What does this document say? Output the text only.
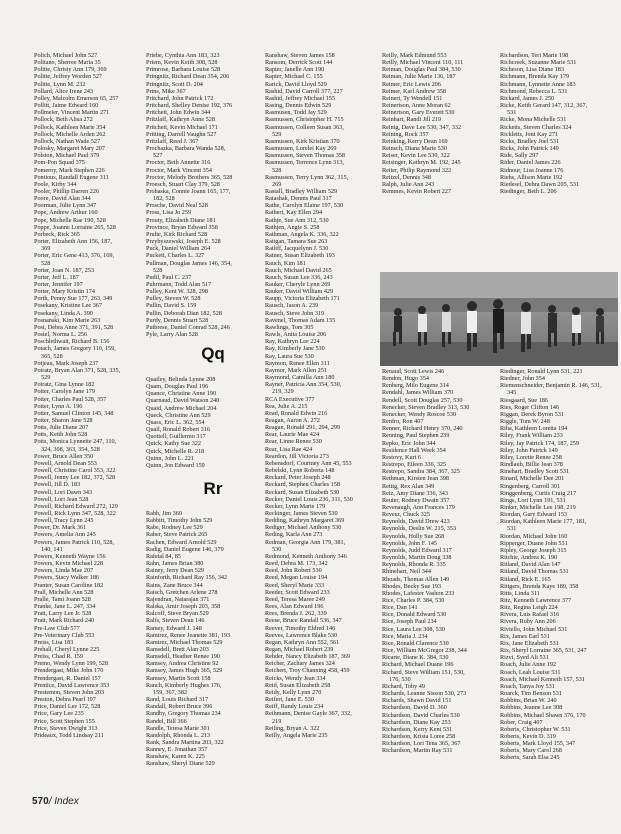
Polich, Michael John 527
Politano, Sherree Maria 35
Politte, Christy Ann 179, 369
Politte, Jeffrey Worden 527
Politte, Lynn M. 232
Pollard, Alice Irene 243
Polley, Malcolm Emerson 65, 257
Pollitt, Jaime Edward 160
Pollmeier, Vincent Martin 271
Pollock, Beth Alisa 272
Pollock, Kathleen Marie 354
Pollock, Michelle Arden 262
Pollock, Nathan Wade 527
Polosky, Margaret Mary 207
Polston, Michael Paul 379
Pom-Pon Squad 375
Pomeroy, Mark Stephen 226
Pontious, Randall Eugene 311
Poole, Kirby 344
Pooler, Phillip Darren 226
Poore, David Alan 344
Poorman, Julie Lynn 347
Pope, Andrew Arthur 160
Pope, Michelle Rae 190, 528
Poppe, Joanne Lorraine 265, 528
Porbeck, Rick 365
Porter, Elizabeth Ann 156, 187,
369
Porter, Eric Gene 413, 376, 169,
528
Porter, Joan N. 187, 253
Porter, Jeff L. 187
Porter, Jennifer 197
Porter, Mary Kristin 174
Porth, Penny Sue 177, 263, 349
Posekany, Kristine Lee 367
Posekany, Linda A. 390
Posnanski, Kim Marie 263
Post, Debra Anne 371, 391, 528
Postel, Norma L. 256
Poschlethwait, Richard B. 156
Potach, James Gregory 110, 159,
365, 528
Potjeau, Mark Joseph 237
Potratz, Bryan Alan 371, 528, 335,
529
Potratz, Gina Lynne 182
Potter, Carolyn Jane 179
Potter, Charles Paul 528, 357
Potter, Lynn A. 196
Potter, Samuel Clinton 145, 348
Potter, Sharon Jane 528
Potts, Julie Diane 207
Potts, Keith John 528
Potts, Monica Lynnette 247, 110,
324, 308, 363, 354, 528
Power, Bruce Allen 350
Powell, Arnold Dean 553
Powell, Christine Carol 353, 322
Powell, Jenny Lee 182, 372, 528
Powell, Jill D. 183
Powell, Lori Dawn 343
Powell, Lori Jean 528
Powell, Richard Edward 272, 129
Powell, Rick Lynn 347, 528, 322
Powell, Tracy Lynn 245
Power, Dr. Mark 361
Powers, Amelia Ann 245
Powers, James Patrick 110, 528,
140, 141
Powers, Kenneth Wayne 156
Powers, Kevin Michael 228
Powers, Linda Mae 207
Powers, Stacy Walker 186
Pranter, Susan Caroline 182
Prall, Michelle Ann 528
Pralle, Tami Joann 528
Pranke, Jane L. 247, 334
Pratt, Larry Lee Jr. 528
Pratt, Mark Richard 240
Pre-Law Club 577
Pre-Veterinary Club 553
Preiss, Lisa 183
Prehall, Cheryl Lynne 225
Preiss, Chad R. 159
Premo, Wendy Lynn 199, 528
Prendergast, Mike John 170
Prendergast, R. Daniel 157
Prentice, David Lawrence 353
Prestemon, Steven John 203
Preston, Debra Pearl 197
Price, Daniel Lee 172, 528
Price, Gary Lee 235
Price, Scott Stephen 155
Price, Steven Dwight 313
Prideaux, Todd Lindsay 211
Priebe, Cynthia Ann 183, 323
Priem, Kevin Keith 308, 528
Primrose, Barbara Louise 528
Pringnitz, Richard Dean 354, 206
Pringnitz, Scott D. 204
Prins, Mike 367
Pritchard, John Patrick 172
Pritchard, Shelley Denise 192, 376
Pritchett, John Edwin 344
Pritzlaff, Kathryn Anne 528
Pritchett, Kevin Michael 171
Pritting, Darrell Vaughn 527
Pritzlaff, Reed J. 367
Prochazka, Barbara Wanda 528,
527
Proctor, Beth Annette 316
Proctor, Mark Vincent 354
Proctor, Melody Brothers 365, 528
Proesch, Stuart Clay 379, 528
Prohaska, Connie Joann 165, 177,
182, 528
Prosche, David Neal 528
Pross, Lisa Jo 259
Prouty, Elizabeth Diane 181
Province, Bryan Edward 358
Prulte, Kirk Richard 528
Przybyszewski, Joseph E. 528
Puck, Daniel William 264
Puckett, Charles L. 327
Pullman, Douglas James 146, 354,
528
Pudil, Paul C. 237
Puhrmann, Todd Alan 517
Pulley, Kent W. 328, 298
Pulley, Steven W. 528
Pullin, David S. 159
Pullin, Deborah Dian 182, 528
Purdy, Dennis Stuart 528
Putbrese, Daniel Conrad 528, 246
Pyle, Larry Alan 528
Qq
Quailey, Belinda Lynne 208
Quam, Douglas Paul 196
Quance, Christine Anne 190
Quarnaud, David Watson 240
Quaid, Andrew Michael 204
Queck, Christine Ann 529
Quass, Eric L. 362, 554
Quail, Ronald Robert 316
Quottell, Guillermo 317
Quick, Kathy Sue 322
Quick, Michelle R. 218
Quinn, John L. 221
Quinn, Jon Edward 159
Rr
Rabb, Jim 360
Rabbitt, Timothy John 529
Rabe, Rodney Lee 529
Raber, Steve Patrick 265
Rachen, Edward Arnold 529
Radig, Daniel Eugene 146, 379
Rafetal 84, 85
Rahn, James Brian 380
Rainey, Jerry Dean 529
Rainforth, Richard Ray 156, 342
Rains, Zane Bruce 344
Raisch, Gretchen Arlene 278
Rajendran, Natarajan 371
Ralska, Amir Joseph 203, 358
Ralcoff, Steve Bryan 529
Ralfs, Steven Dean 146
Ramey, Edward J. 148
Ramirez, Renee Jeanette 381, 193
Ramirez, Michael Thomas 529
Ramsdell, Brett Alan 203
Ramsdell, Heather Renee 190
Ramsey, Andrea Christine 92
Ramsey, James Hugh 365, 529
Ramsey, Martin Scott 158
Ranch, Kimberly Hughes 176,
159, 367, 382
Rand, Louis Richard 317
Randall, Robert Bruce 396
Randby, Gregory Thomas 234
Randel, Bill 366
Randle, Teresa Marie 301
Randolph, Rhonda L. 213
Rank, Sandra Martina 203, 322
Ranney, E. Jonathan 357
Ranshaw, Karen K. 225
Ranshaw, Sheryl Diane 529
Ranshaw, Steven James 158
Ransom, Derrick Scott 144
Rapier, Janelle Ann 190
Rapier, Michael C. 155
Rarick, David Lloyd 529
Rashid, David Carroll 377, 227
Rashid, Jeffrey Michael 155
Rasing, Dennis Edwin 529
Rasmusen, Todd Jay 529
Rasmussen, Christopher H. 715
Rasmussen, Colleen Susan 363,
529
Rasmussen, Kirk Kristian 370
Rasmussen, Lorelei Kay 269
Rasmussen, Steven Thomas 358
Rasmussen, Terrence Lynn 313,
528
Rasmussen, Terry Lynn 362, 315,
269
Rastall, Bradley William 529
Ratashak, Dennis Paul 317
Rathe, Carolyn Elaine 197, 530
Rathert, Kay Ellen 294
Rathje, Sue Ann 312, 530
Rathjen, Angie S. 258
Rathman, Angela K. 336, 322
Ratigan, Tamara Sue 263
Ratliff, Jacquelynn J. 530
Ratner, Susan Elizabeth 193
Rauch, Kim 181
Rauch, Michael David 265
Rauch, Susan Lee 336, 243
Rauker, Cheryle Lynn 269
Rauker, David William 429
Raupp, Victoria Elizabeth 171
Rausch, Jason A. 239
Rausch, Steve John 319
Ravenel, Thomas Adam 155
Rawlings, Tom 305
Rawls, Anita Louise 206
Ray, Kathryn Lee 224
Ray, Kimberly Jane 530
Ray, Laura Sue 530
Raymon, Renee Ellen 311
Raymor, Mark Allen 251
Raymond, Camilla Ann 180
Rayner, Patricia Ann 354, 530,
219, 329
RCA Executive 377
Rea, Julie A. 215
Read, Ronald Edwin 216
Reagan, Aaron A. 272
Reagan, Ronald 291, 294, 299
Rear, Laurie Mae 424
Rear, Linne Renee 530
Rear, Lisa Rae 424
Reardon, Jill Victoria 273
Rebensdorf, Courtney Ann 45, 553
Rebelski, Lynn Roberta 148
Reckard, Peter Joseph 248
Reckard, Stephen Charles 158
Reckard, Susan Elizabeth 530
Recker, Daniel Louis 236, 311, 530
Recker, Lynn Marie 179
Reckinger, James Steven 530
Redding, Kathryn Margaret 369
Rediger, Michael Anthony 530
Reding, Karla Ann 273
Redman, Georgia Ann 179, 381,
530
Redmond, Kenneth Anthony 346
Reed, Debra M. 173, 342
Reed, John Robert 530
Reed, Megan Louise 194
Reed, Sheryl Marie 333
Reeder, Scott Edward 233
Reed, Teresa Maree 249
Rees, Alan Edward 196
Rees, Brenda J. 262, 339
Reese, Bruce Randall 536, 347
Reever, Timothy Eldred 146
Reeves, Lawrence Blake 530
Regan, Kathryn Ann 552, 561
Regan, Michael Robert 239
Rehder, Nancy Elizabeth 187, 369
Reicher, Zachary James 324
Reichert, Troy Channing 458, 459
Reicks, Wendy Jean 334
Reid, Susan Elizabeth 258
Reidy, Kelly Lynn 270
Reifert, Jane E. 530
Reiff, Randy Louis 234
Reihmann, Denise Gayle 367, 332,
219
Reiling, Bryan A. 322
Reilly, Angela Marie 235
Reilly, Mark Edmund 553
Reilly, Michael Vincent 110, 111
Reiman, Douglas Paul 384, 530
Reiman, Julie Marie 136, 187
Reimer, Eric Lewis 206
Reimer, Karl Andrew 358
Reinert, Ty Wendell 151
Reinertson, Anne Moran 62
Reinertson, Gary Everett 530
Reinhart, Randi Jill 219
Reinig, Dave Lee 530, 347, 332
Reining, Rock 357
Reinking, Kerry Dean 169
Reinsch, Diana Marie 530
Reiser, Kevin Lee 530, 322
Reisinger, Kathryn M. 192, 245
Reiter, Philip Raymond 322
Reitzel, Dennis 348
Ralph, Julie Ann 243
Remmes, Kevin Robert 227
Renaud, Scott Lewis 246
Rendon, Hugo 354
Renberg, Milo Eugene 314
Rendahl, James William 370
Rendell, Scott Douglas 257, 530
Renecker, Steven Bradley 313, 530
Renecker, Wendy Roscoe 530
Renfro, Ron 407
Renner, Richard Henry 370, 240
Renning, Paul Stephen 239
Repko, Eric John 344
Residence Hall Week 354
Restovy, Kurt 6
Restrepo, Eileen 336, 325
Restrepo, Sandra 384, 367, 325
Rethman, Kirsten Jean 398
Rettig, Rex Alan 349
Retz, Amy Diane 336, 343
Reuter, Rodney Dwain 357
Revenaugh, Ann Frances 179
Revesz, Chuck 325
Reynolds, David Drew 423
Reynolds, Deslin W. 215, 353
Reynolds, Holly Sue 268
Reynolds, John F. 145
Reynolds, Judd Edward 317
Reynolds, Martin Doug 338
Reynolds, Rhonda R. 335
Rhinehart, Neil 344
Rhoads, Thomas Allen 149
Rhodes, Becky Sue 193
Rhodes, Lafester Vashon 233
Rice, Charles P. 384, 530
Rice, Dan 141
Rice, Donald Edward 530
Rice, Joseph Paul 234
Rice, Laura Lee 308, 530
Rice, Maria J. 234
Rice, Ronald Clarence 530
Rice, William McGregor 238, 344
Ricarte, Diane K. 384, 530
Richard, Michael Duane 196
Richard, Steve William 151, 530,
176, 530
Richard, Toby 49
Richards, Leanne Sisson 530, 273
Richards, Shawn David 151
Richardson, David D. 360
Richardson, David Charles 530
Richardson, Diane Kay 253
Richardson, Kerry Kent 531
Richardson, Krista Loree 258
Richardson, Lori Tena 365, 367
Richardson, Martin Ray 531
Richardson, Teri Marie 198
Richcreek, Suzanne Marie 531
Richeson, Lisa Diane 183
Richmann, Brenda Kay 179
Richmann, Lynnette Anne 183
Richmond, Rebecca L. 531
Rickard, James J. 250
Ricke, Keith Gerard 147, 312, 367,
531
Ricke, Mona Michelle 531
Ricketts, Steven Charles 324
Rickletts, Joni Kay 271
Ricks, Bradley Joel 531
Ricks, John Patrick 149
Ride, Sally 297
Rider, Daniel James 226
Ridnour, Lisa Joanne 176
Riehs, Allison Marie 192
Riedesel, Debra Dawn 205, 531
Riedinger, Beth L. 206
Riedinger, Ronald Lynn 531, 221
Riedner, John 354
Riemenschneider, Benjamin R. 146, 531,
345
Riesgaard, Sue 186
Ries, Roger Clifton 146
Riggan, Derek Byron 531
Riggle, Tom W. 248
Riha, Kathleen Loretta 194
Riley, Frank William 233
Riley, Jay Patrick 174, 187, 259
Riley, John Patrick 149
Riley, Lorette Renee 258
Rindlaub, Billie Jean 378
Rinehart, Bradley Scott 531
Rinard, Michelle Dee 201
Ringenberg, Carroll 301
Ringgenberg, Curtis Craig 217
Rings, Lori Lynn 191, 531
Rinker, Michelle Lee 198, 219
Riordan, Gary Edward 153
Riordan, Kathleen Marie 177, 181,
531
Riordan, Michael John 160
Ripperger, Duane John 531
Ripley, George Joseph 315
Ritchie, Andrea K. 190
Ritland, David Alan 147
Ritland, David Thomas 531
Ritland, Rick E. 165
Rittgers, Brenda Kaye 189, 358
Ritts, Linda 311
Ritz, Kenneth Lawrence 377
Ritz, Regina Leigh 224
Rivera, Luis Rafael 316
Rivera, Ruby Ann 206
Riviello, John Michael 531
Rix, James Earl 531
Rix, Jane Elizabeth 531
Rix, Sheryl Lorraine 365, 531, 247
Rizvi, Syed Ali 531
Roach, Julie Anne 192
Roach, Leah Louise 531
Roach, Michael Kenneth 157, 531
Roach, Tanya Joy 531
Roarck, Tim Benson 531
Robbins, Brian W. 240
Robbins, Jeanne Lee 308
Robbins, Michael Shawn 376, 170
Rober, Craig 407
Roberts, Christopher W. 531
Roberts, Kevin D. 319
Roberts, Mark Lloyd 155, 347
Roberts, Mary Carol 268
Roberts, Sarah Elsa 245
570/ Index
